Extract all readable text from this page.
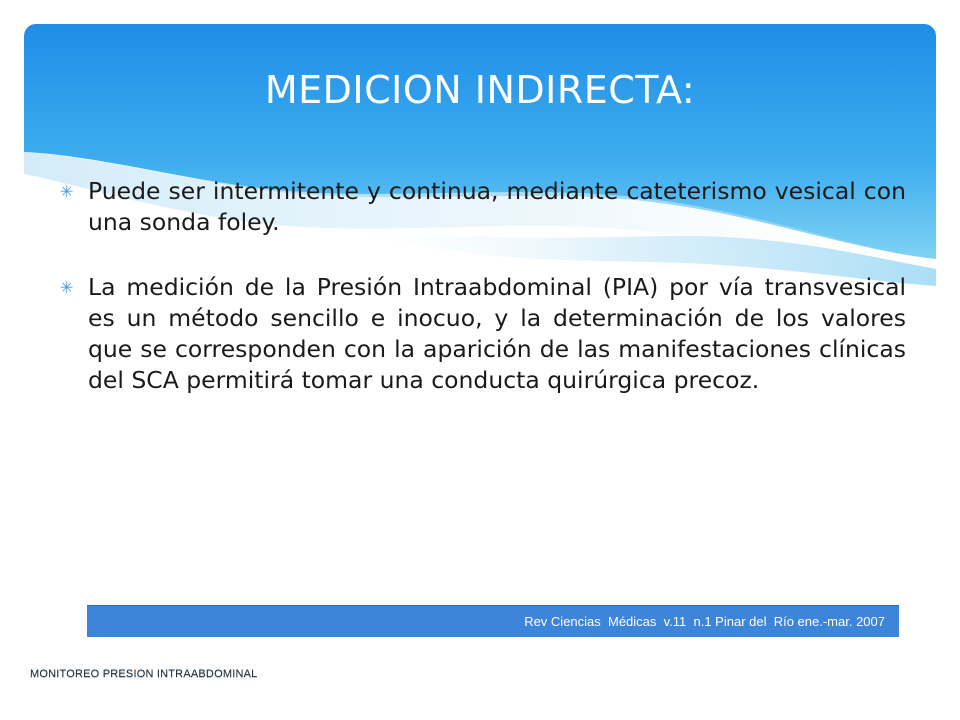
MEDICION INDIRECTA:
✳ Puede ser intermitente y continua, mediante cateterismo vesical con una sonda foley.
✳ La medición de la Presión Intraabdominal (PIA) por vía transvesical es un método sencillo e inocuo, y la determinación de los valores que se corresponden con la aparición de las manifestaciones clínicas del SCA permitirá tomar una conducta quirúrgica precoz.
Rev Ciencias  Médicas  v.11  n.1 Pinar del  Río ene.-mar. 2007
MONITOREO PRESION INTRAABDOMINAL
